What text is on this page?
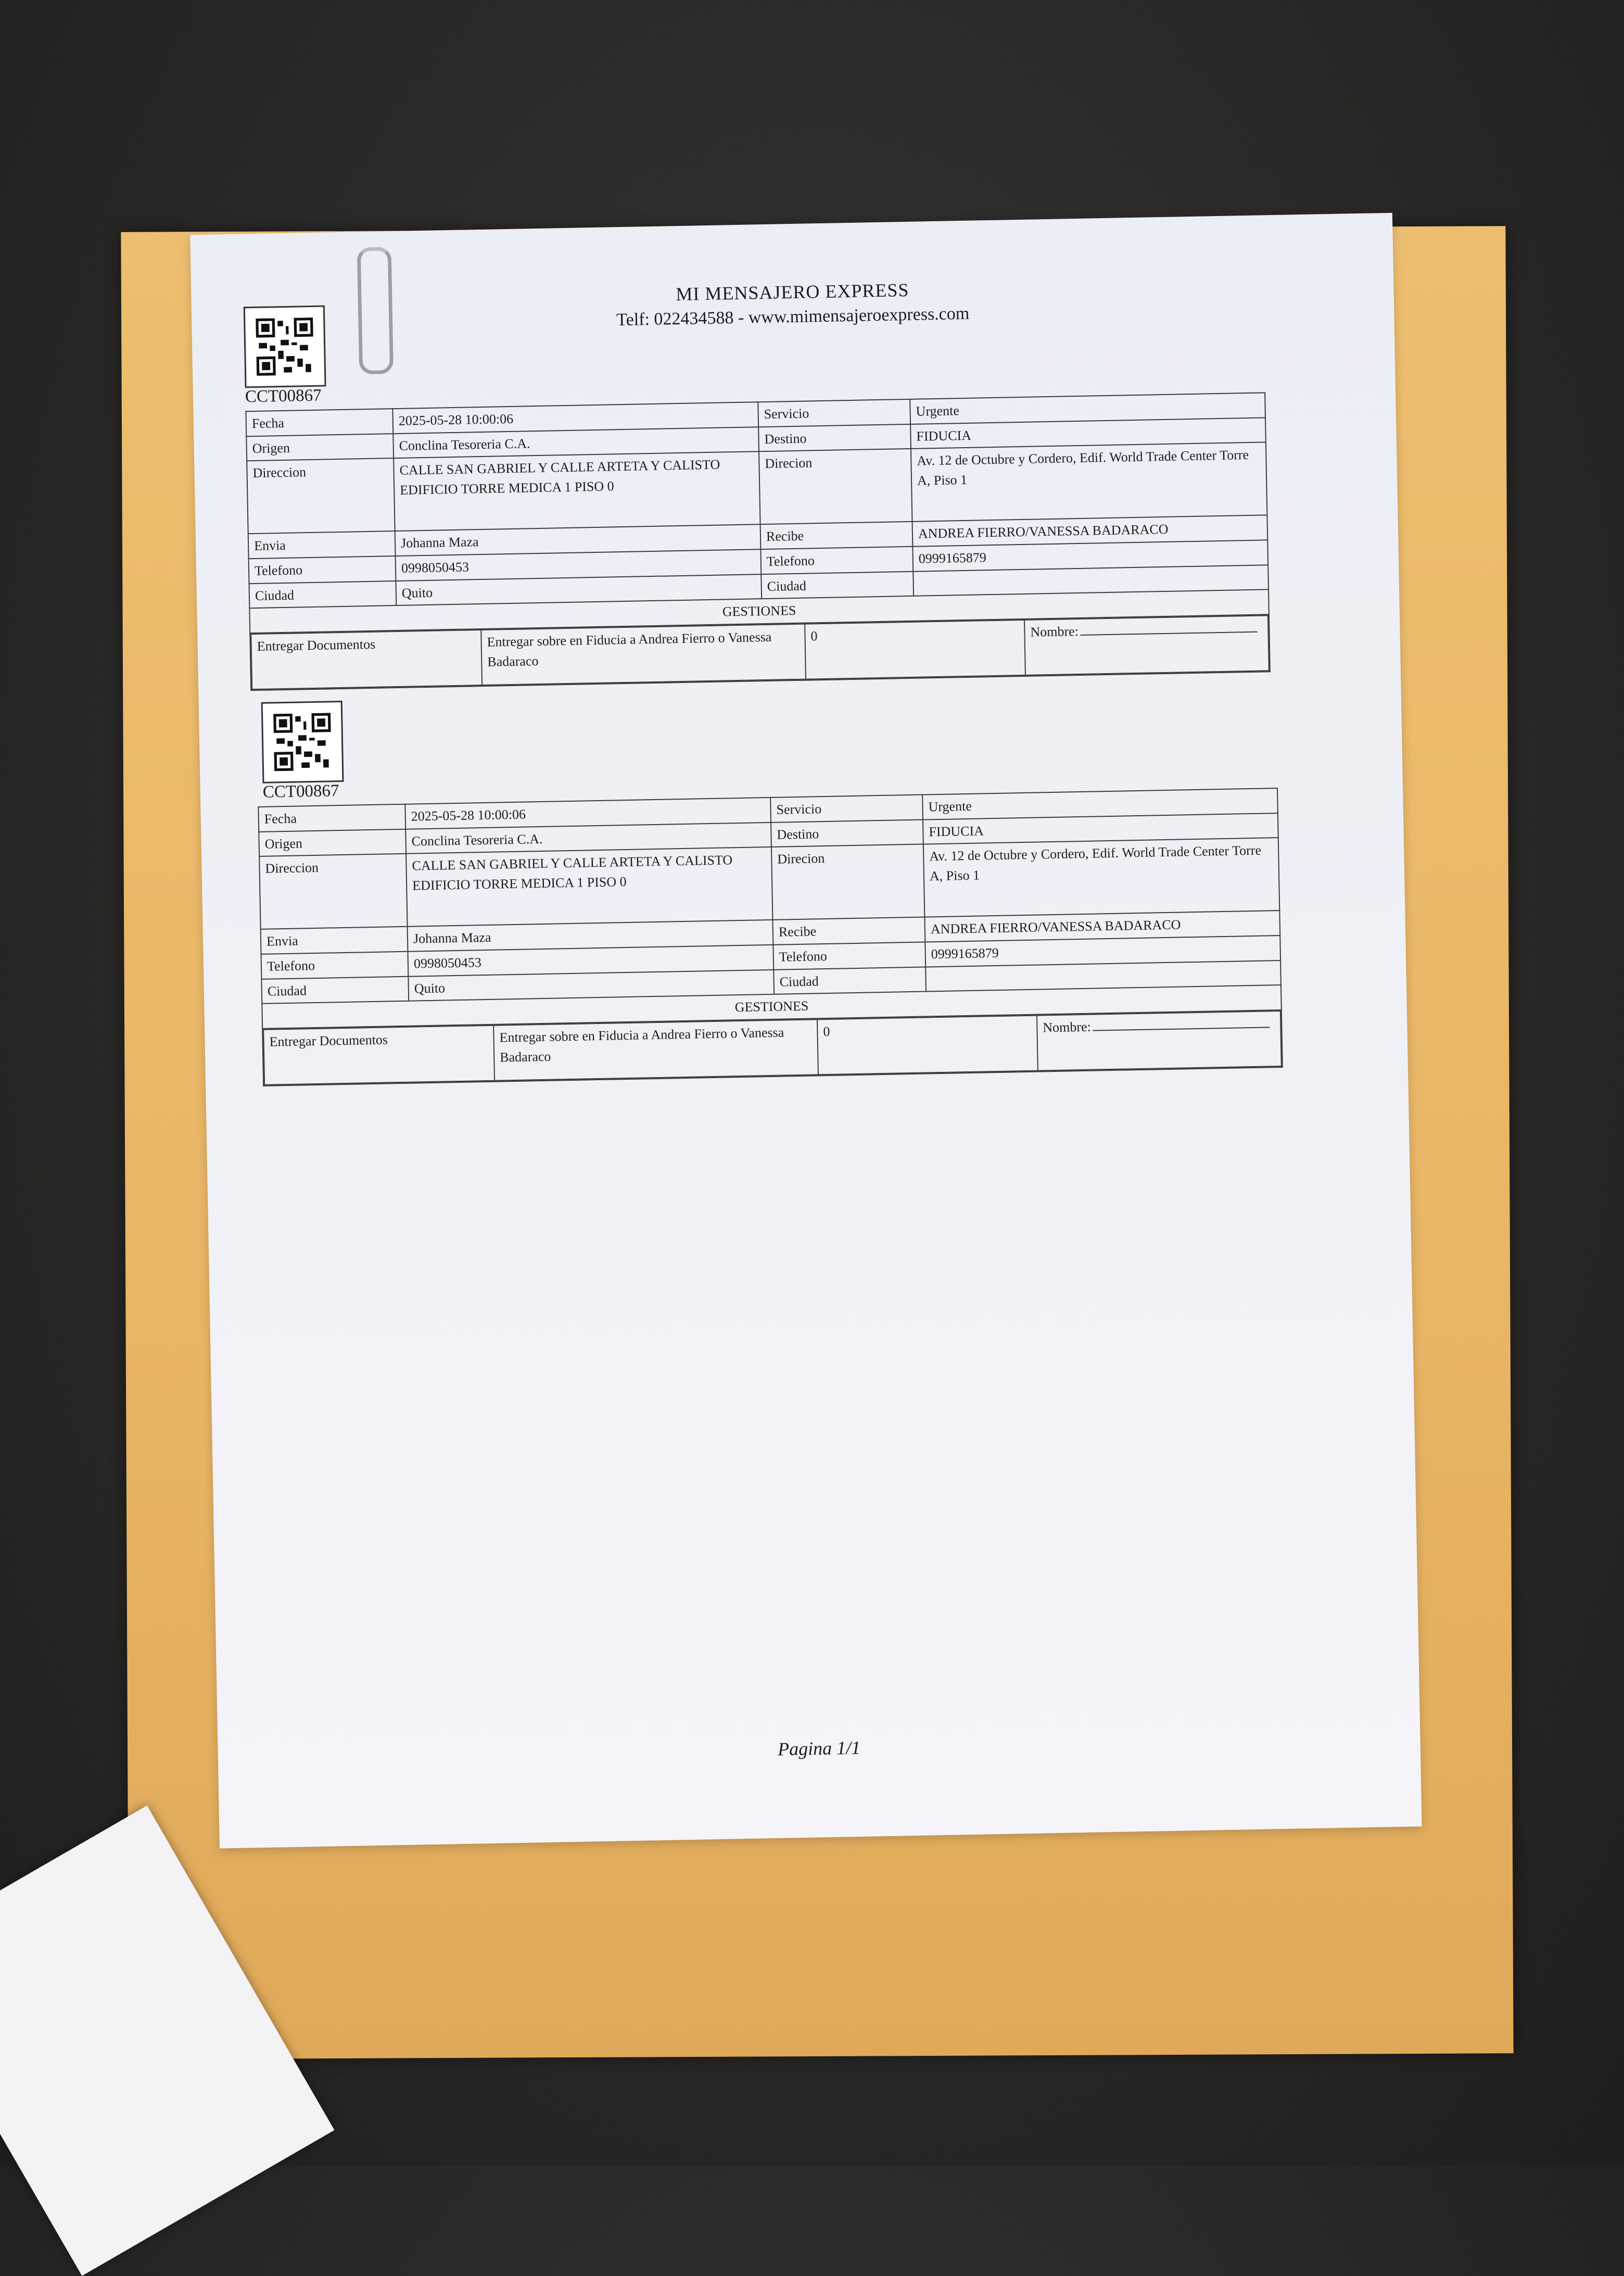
MI MENSAJERO EXPRESS
Telf: 022434588 - www.mimensajeroexpress.com
CCT00867
Fecha	2025-05-28 10:00:06	Servicio	Urgente
Origen	Conclina Tesoreria C.A.	Destino	FIDUCIA
Direccion	CALLE SAN GABRIEL Y CALLE ARTETA Y CALISTO EDIFICIO TORRE MEDICA 1 PISO 0	Direcion	Av. 12 de Octubre y Cordero, Edif. World Trade Center Torre A, Piso 1
Envia	Johanna Maza	Recibe	ANDREA FIERRO/VANESSA BADARACO
Telefono	0998050453	Telefono	0999165879
Ciudad	Quito	Ciudad	
GESTIONES

Entregar Documentos	Entregar sobre en Fiducia a Andrea Fierro o Vanessa Badaraco	0	Nombre:
CCT00867
Fecha	2025-05-28 10:00:06	Servicio	Urgente
Origen	Conclina Tesoreria C.A.	Destino	FIDUCIA
Direccion	CALLE SAN GABRIEL Y CALLE ARTETA Y CALISTO EDIFICIO TORRE MEDICA 1 PISO 0	Direcion	Av. 12 de Octubre y Cordero, Edif. World Trade Center Torre A, Piso 1
Envia	Johanna Maza	Recibe	ANDREA FIERRO/VANESSA BADARACO
Telefono	0998050453	Telefono	0999165879
Ciudad	Quito	Ciudad	
GESTIONES

Entregar Documentos	Entregar sobre en Fiducia a Andrea Fierro o Vanessa Badaraco	0	Nombre:
Pagina 1/1
